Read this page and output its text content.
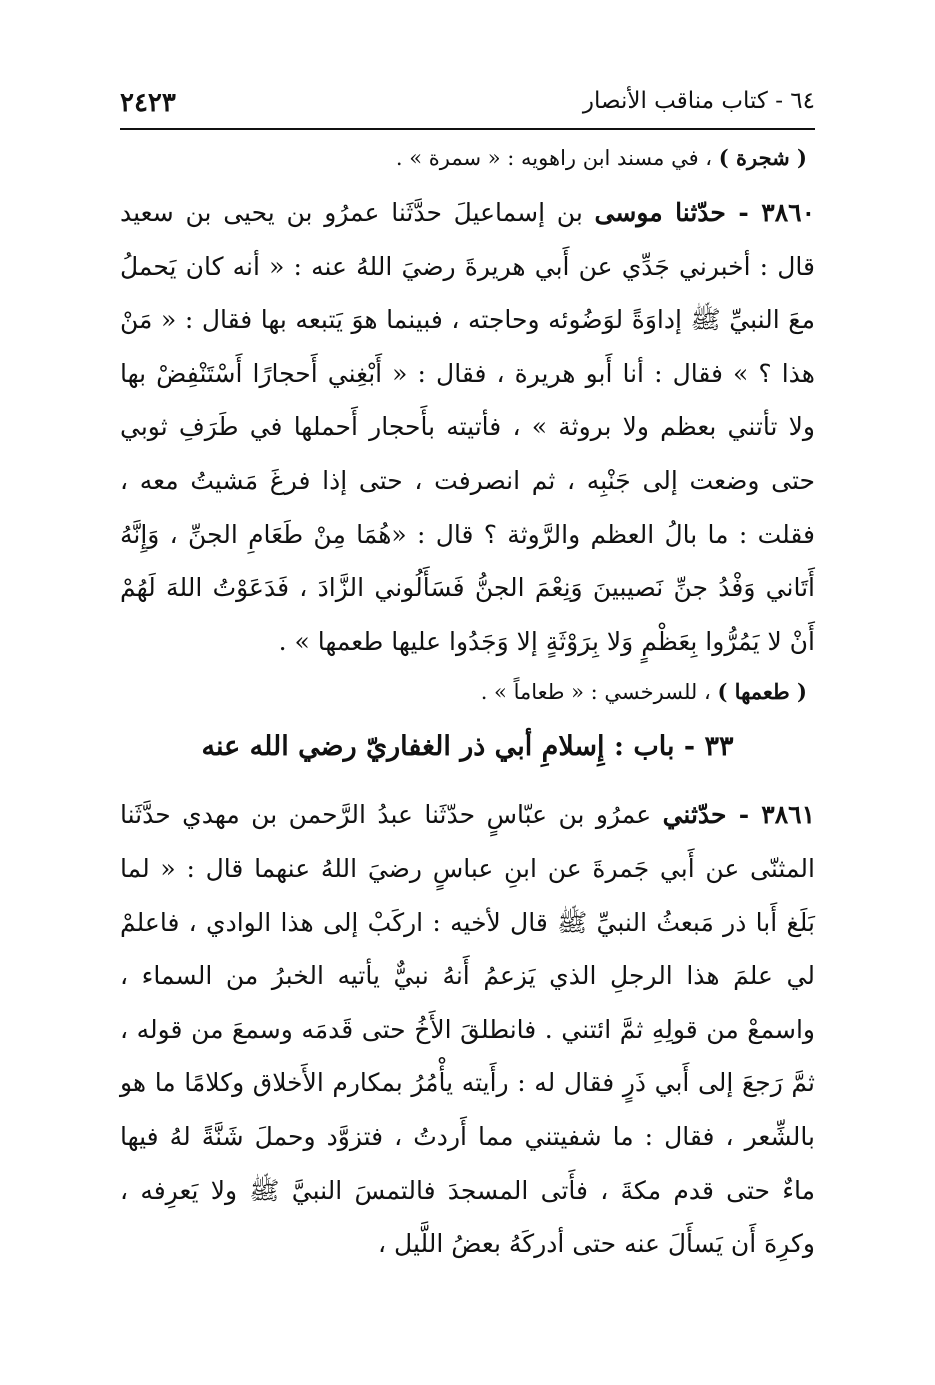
٦٤ - كتاب مناقب الأنصار
٢٤٢٣

( شجرة ) ، في مسند ابن راهويه : « سمرة » .

٣٨٦٠ - حدّثنا موسى بن إسماعيلَ حدَّثَنا عمرُو بن يحيى بن سعيد قال : أخبرني جَدِّي عن أَبي هريرةَ رضيَ اللهُ عنه : « أنه كان يَحملُ معَ النبيِّ ﷺ إداوَةً لوَضُوئه وحاجته ، فبينما هوَ يَتبعه بها فقال : « مَنْ هذا ؟ » فقال : أنا أَبو هريرة ، فقال : « أَبْغِني أَحجارًا أَسْتَنْفِضْ بها ولا تأتني بعظم ولا بروثة » ، فأتيته بأَحجار أَحملها في طَرَفِ ثوبي حتى وضعت إلى جَنْبِه ، ثم انصرفت ، حتى إذا فرغَ مَشيتُ معه ، فقلت : ما بالُ العظم والرَّوثة ؟ قال : «هُمَا مِنْ طَعَامِ الجنِّ ، وَإِنَّهُ أَتَاني وَفْدُ جنِّ نَصيبينَ وَنِعْمَ الجنُّ فَسَأَلُوني الزَّادَ ، فَدَعَوْتُ اللهَ لَهُمْ أَنْ لا يَمُرُّوا بِعَظْمٍ وَلا بِرَوْثَةٍ إلا وَجَدُوا عليها طعمها » .

( طعمها ) ، للسرخسي : « طعاماً » .

٣٣ - باب : إِسلامِ أبي ذر الغفاريّ رضي الله عنه

٣٨٦١ - حدّثني عمرُو بن عبّاسٍ حدّثَنا عبدُ الرَّحمن بن مهدي حدَّثَنا المثنّى عن أَبي جَمرةَ عن ابنِ عباسٍ رضيَ اللهُ عنهما قال : « لما بَلَغ أَبا ذر مَبعثُ النبيِّ ﷺ قال لأخيه : اركَبْ إلى هذا الوادي ، فاعلمْ لي علمَ هذا الرجلِ الذي يَزعمُ أَنهُ نبيٌّ يأتيه الخبرُ من السماء ، واسمعْ من قولِهِ ثمَّ ائتني . فانطلقَ الأَخُ حتى قَدمَه وسمعَ من قوله ، ثمَّ رَجعَ إلى أَبي ذَرٍ فقال له : رأَيته يأْمُرُ بمكارم الأَخلاق وكلامًا ما هو بالشِّعر ، فقال : ما شفيتني مما أَردتُ ، فتزوَّد وحملَ شَنَّةً لهُ فيها ماءٌ حتى قدم مكةَ ، فأَتى المسجدَ فالتمسَ النبيَّ ﷺ ولا يَعرِفه ، وكرِهَ أَن يَسأَلَ عنه حتى أدركَهُ بعضُ اللَّيل ،
